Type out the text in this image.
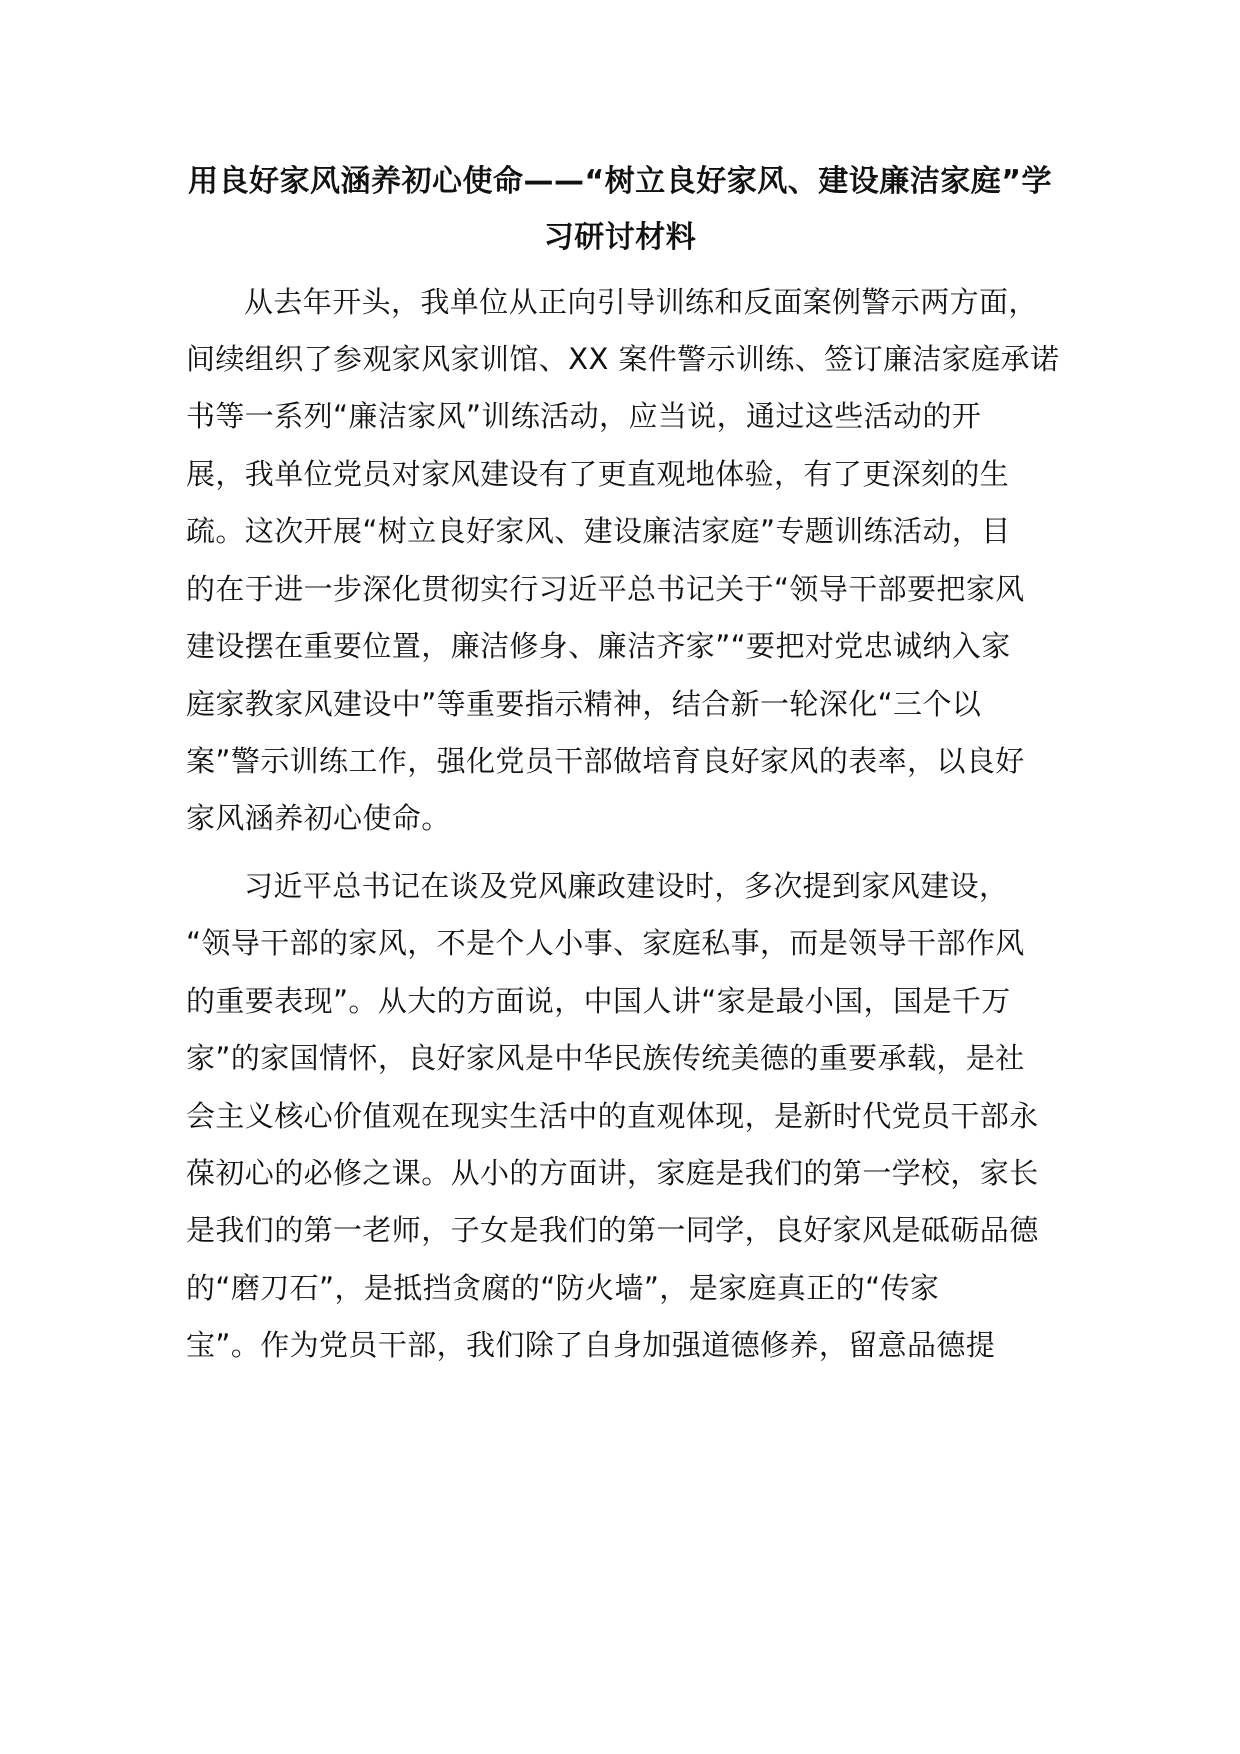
用良好家风涵养初心使命——“树立良好家风、建设廉洁家庭”学
习研讨材料
从去年开头，我单位从正向引导训练和反面案例警示两方面，
间续组织了参观家风家训馆、XX 案件警示训练、签订廉洁家庭承诺
书等一系列“廉洁家风”训练活动，应当说，通过这些活动的开
展，我单位党员对家风建设有了更直观地体验，有了更深刻的生
疏。这次开展“树立良好家风、建设廉洁家庭”专题训练活动，目
的在于进一步深化贯彻实行习近平总书记关于“领导干部要把家风
建设摆在重要位置，廉洁修身、廉洁齐家”“要把对党忠诚纳入家
庭家教家风建设中”等重要指示精神，结合新一轮深化“三个以
案”警示训练工作，强化党员干部做培育良好家风的表率，以良好
家风涵养初心使命。
习近平总书记在谈及党风廉政建设时，多次提到家风建设，
“领导干部的家风，不是个人小事、家庭私事，而是领导干部作风
的重要表现”。从大的方面说，中国人讲“家是最小国，国是千万
家”的家国情怀，良好家风是中华民族传统美德的重要承载，是社
会主义核心价值观在现实生活中的直观体现，是新时代党员干部永
葆初心的必修之课。从小的方面讲，家庭是我们的第一学校，家长
是我们的第一老师，子女是我们的第一同学，良好家风是砥砺品德
的“磨刀石”，是抵挡贪腐的“防火墙”，是家庭真正的“传家
宝”。作为党员干部，我们除了自身加强道德修养，留意品德提
